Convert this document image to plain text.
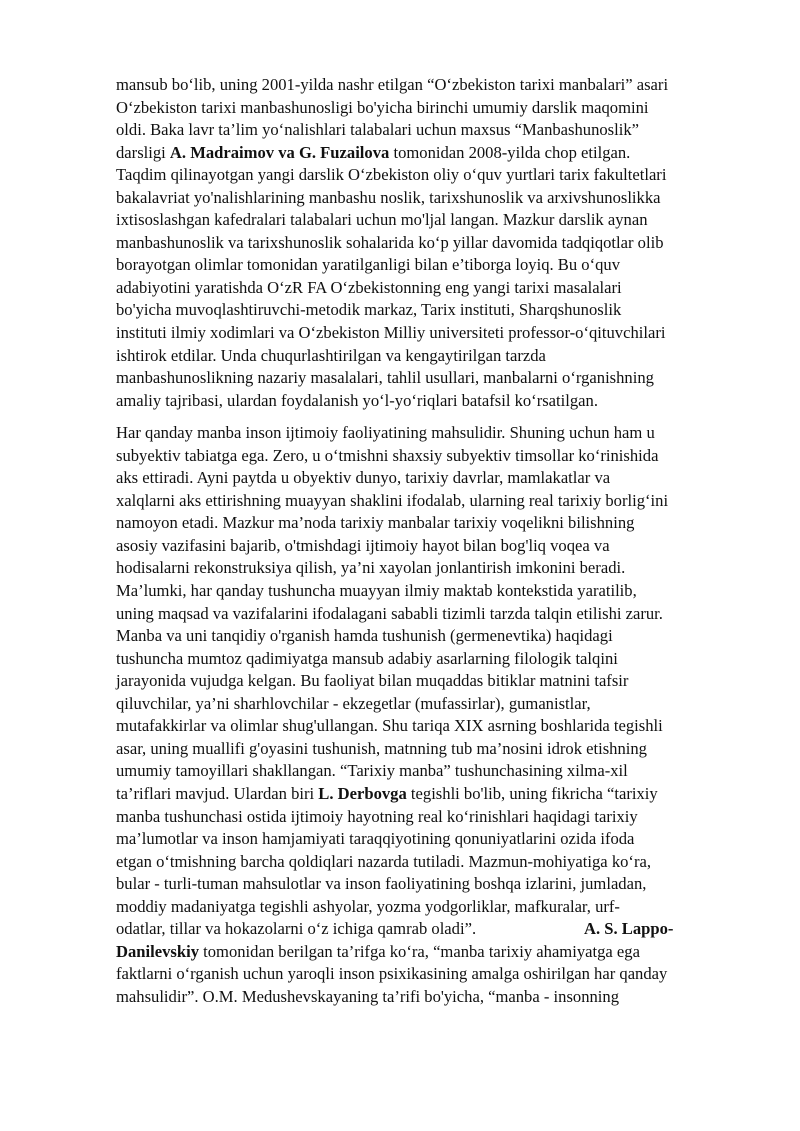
mansub bo‘lib, uning 2001-yilda nashr etilgan “O‘zbekiston tarixi manbalari” asari
O‘zbekiston tarixi manbashunosligi bo'yicha birinchi umumiy darslik maqomini
oldi. Baka lavr ta’lim yo‘nalishlari talabalari uchun maxsus “Manbashunoslik”
darsligi A. Madraimov va G. Fuzailova tomonidan 2008-yilda chop etilgan.
Taqdim qilinayotgan yangi darslik O‘zbekiston oliy o‘quv yurtlari tarix fakultetlari
bakalavriat yo'nalishlarining manbashu noslik, tarixshunoslik va arxivshunoslikka
ixtisoslashgan kafedralari talabalari uchun mo'ljal langan. Mazkur darslik aynan
manbashunoslik va tarixshunoslik sohalarida ko‘p yillar davomida tadqiqotlar olib
borayotgan olimlar tomonidan yaratilganligi bilan e’tiborga loyiq. Bu o‘quv
adabiyotini yaratishda O‘zR FA O‘zbekistonning eng yangi tarixi masalalari
bo'yicha muvoqlashtiruvchi-metodik markaz, Tarix instituti, Sharqshunoslik
instituti ilmiy xodimlari va O‘zbekiston Milliy universiteti professor-o‘qituvchilari
ishtirok etdilar. Unda chuqurlashtirilgan va kengaytirilgan tarzda
manbashunoslikning nazariy masalalari, tahlil usullari, manbalarni o‘rganishning
amaliy tajribasi, ulardan foydalanish yo‘l-yo‘riqlari batafsil ko‘rsatilgan.

Har qanday manba inson ijtimoiy faoliyatining mahsulidir. Shuning uchun ham u
subyektiv tabiatga ega. Zero, u o‘tmishni shaxsiy subyektiv timsollar ko‘rinishida
aks ettiradi. Ayni paytda u obyektiv dunyo, tarixiy davrlar, mamlakatlar va
xalqlarni aks ettirishning muayyan shaklini ifodalab, ularning real tarixiy borlig‘ini
namoyon etadi. Mazkur ma’noda tarixiy manbalar tarixiy voqelikni bilishning
asosiy vazifasini bajarib, o'tmishdagi ijtimoiy hayot bilan bog'liq voqea va
hodisalarni rekonstruksiya qilish, ya’ni xayolan jonlantirish imkonini beradi.
Ma’lumki, har qanday tushuncha muayyan ilmiy maktab kontekstida yaratilib,
uning maqsad va vazifalarini ifodalagani sababli tizimli tarzda talqin etilishi zarur.
Manba va uni tanqidiy o'rganish hamda tushunish (germenevtika) haqidagi
tushuncha mumtoz qadimiyatga mansub adabiy asarlarning filologik talqini
jarayonida vujudga kelgan. Bu faoliyat bilan muqaddas bitiklar matnini tafsir
qiluvchilar, ya’ni sharhlovchilar - ekzegetlar (mufassirlar), gumanistlar,
mutafakkirlar va olimlar shug'ullangan. Shu tariqa XIX asrning boshlarida tegishli
asar, uning muallifi g'oyasini tushunish, matnning tub ma’nosini idrok etishning
umumiy tamoyillari shakllangan. “Tarixiy manba” tushunchasining xilma-xil
ta’riflari mavjud. Ulardan biri L. Derbovga tegishli bo'lib, uning fikricha “tarixiy
manba tushunchasi ostida ijtimoiy hayotning real ko‘rinishlari haqidagi tarixiy
ma’lumotlar va inson hamjamiyati taraqqiyotining qonuniyatlarini ozida ifoda
etgan o‘tmishning barcha qoldiqlari nazarda tutiladi. Mazmun-mohiyatiga ko‘ra,
bular - turli-tuman mahsulotlar va inson faoliyatining boshqa izlarini, jumladan,
moddiy madaniyatga tegishli ashyolar, yozma yodgorliklar, mafkuralar, urf-
odatlar, tillar va hokazolarni o‘z ichiga qamrab oladi”.                          A. S. Lappo-
Danilevskiy tomonidan berilgan ta’rifga ko‘ra, “manba tarixiy ahamiyatga ega
faktlarni o‘rganish uchun yaroqli inson psixikasining amalga oshirilgan har qanday
mahsulidir”. O.M. Medushevskayaning ta’rifi bo'yicha, “manba - insonning
